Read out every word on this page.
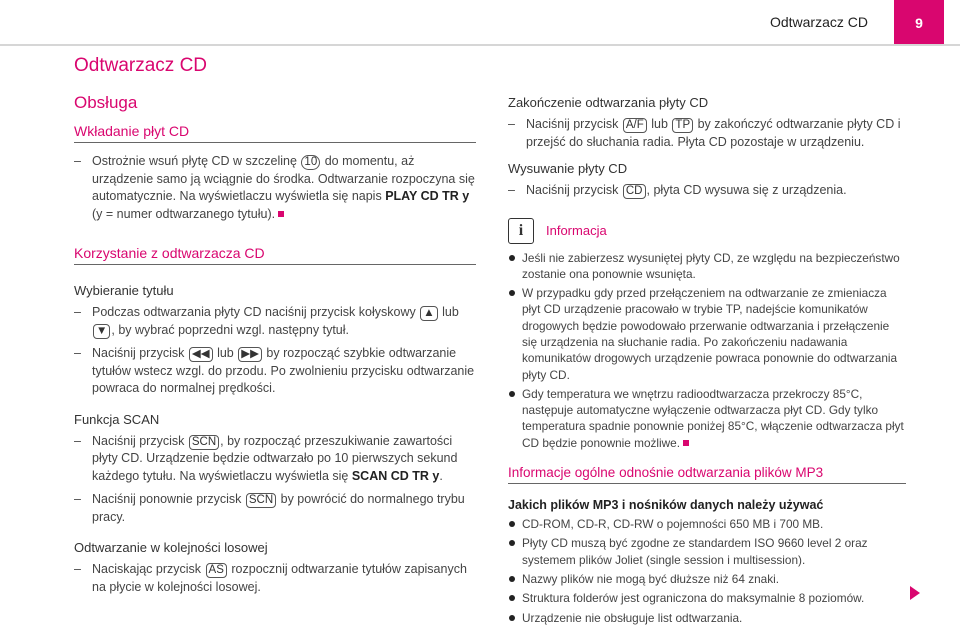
Odtwarzacz CD	9
Odtwarzacz CD
Obsługa
Wkładanie płyt CD
– Ostrożnie wsuń płytę CD w szczelinę 10 do momentu, aż urządzenie samo ją wciągnie do środka. Odtwarzanie rozpoczyna się automatycznie. Na wyświetlaczu wyświetla się napis PLAY CD TR y (y = numer odtwarzanego tytułu).
Korzystanie z odtwarzacza CD
Wybieranie tytułu
– Podczas odtwarzania płyty CD naciśnij przycisk kołyskowy ▲ lub ▼ , by wybrać poprzedni wzgl. następny tytuł.
– Naciśnij przycisk ◀◀ lub ▶▶ by rozpocząć szybkie odtwarzanie tytułów wstecz wzgl. do przodu. Po zwolnieniu przycisku odtwarzanie powraca do normalnej prędkości.
Funkcja SCAN
– Naciśnij przycisk SCN , by rozpocząć przeszukiwanie zawartości płyty CD. Urządzenie będzie odtwarzało po 10 pierwszych sekund każdego tytułu. Na wyświetlaczu wyświetla się SCAN CD TR y.
– Naciśnij ponownie przycisk SCN by powrócić do normalnego trybu pracy.
Odtwarzanie w kolejności losowej
– Naciskając przycisk AS rozpocznij odtwarzanie tytułów zapisanych na płycie w kolejności losowej.
Zakończenie odtwarzania płyty CD
– Naciśnij przycisk A/F lub TP by zakończyć odtwarzanie płyty CD i przejść do słuchania radia. Płyta CD pozostaje w urządzeniu.
Wysuwanie płyty CD
– Naciśnij przycisk CD , płyta CD wysuwa się z urządzenia.
i	Informacja
Jeśli nie zabierzesz wysuniętej płyty CD, ze względu na bezpieczeństwo zostanie ona ponownie wsunięta.
W przypadku gdy przed przełączeniem na odtwarzanie ze zmieniacza płyt CD urządzenie pracowało w trybie TP, nadejście komunikatów drogowych będzie powodowało przerwanie odtwarzania i przełączenie się urządzenia na słuchanie radia. Po zakończeniu nadawania komunikatów drogowych urządzenie powraca ponownie do odtwarzania płyty CD.
Gdy temperatura we wnętrzu radioodtwarzacza przekroczy 85°C, następuje automatyczne wyłączenie odtwarzacza płyt CD. Gdy tylko temperatura spadnie ponownie poniżej 85°C, włączenie odtwarzacza płyt CD będzie ponownie możliwe.
Informacje ogólne odnośnie odtwarzania plików MP3
Jakich plików MP3 i nośników danych należy używać
CD-ROM, CD-R, CD-RW o pojemności 650 MB i 700 MB.
Płyty CD muszą być zgodne ze standardem ISO 9660 level 2 oraz systemem plików Joliet (single session i multisession).
Nazwy plików nie mogą być dłuższe niż 64 znaki.
Struktura folderów jest ograniczona do maksymalnie 8 poziomów.
Urządzenie nie obsługuje list odtwarzania.
